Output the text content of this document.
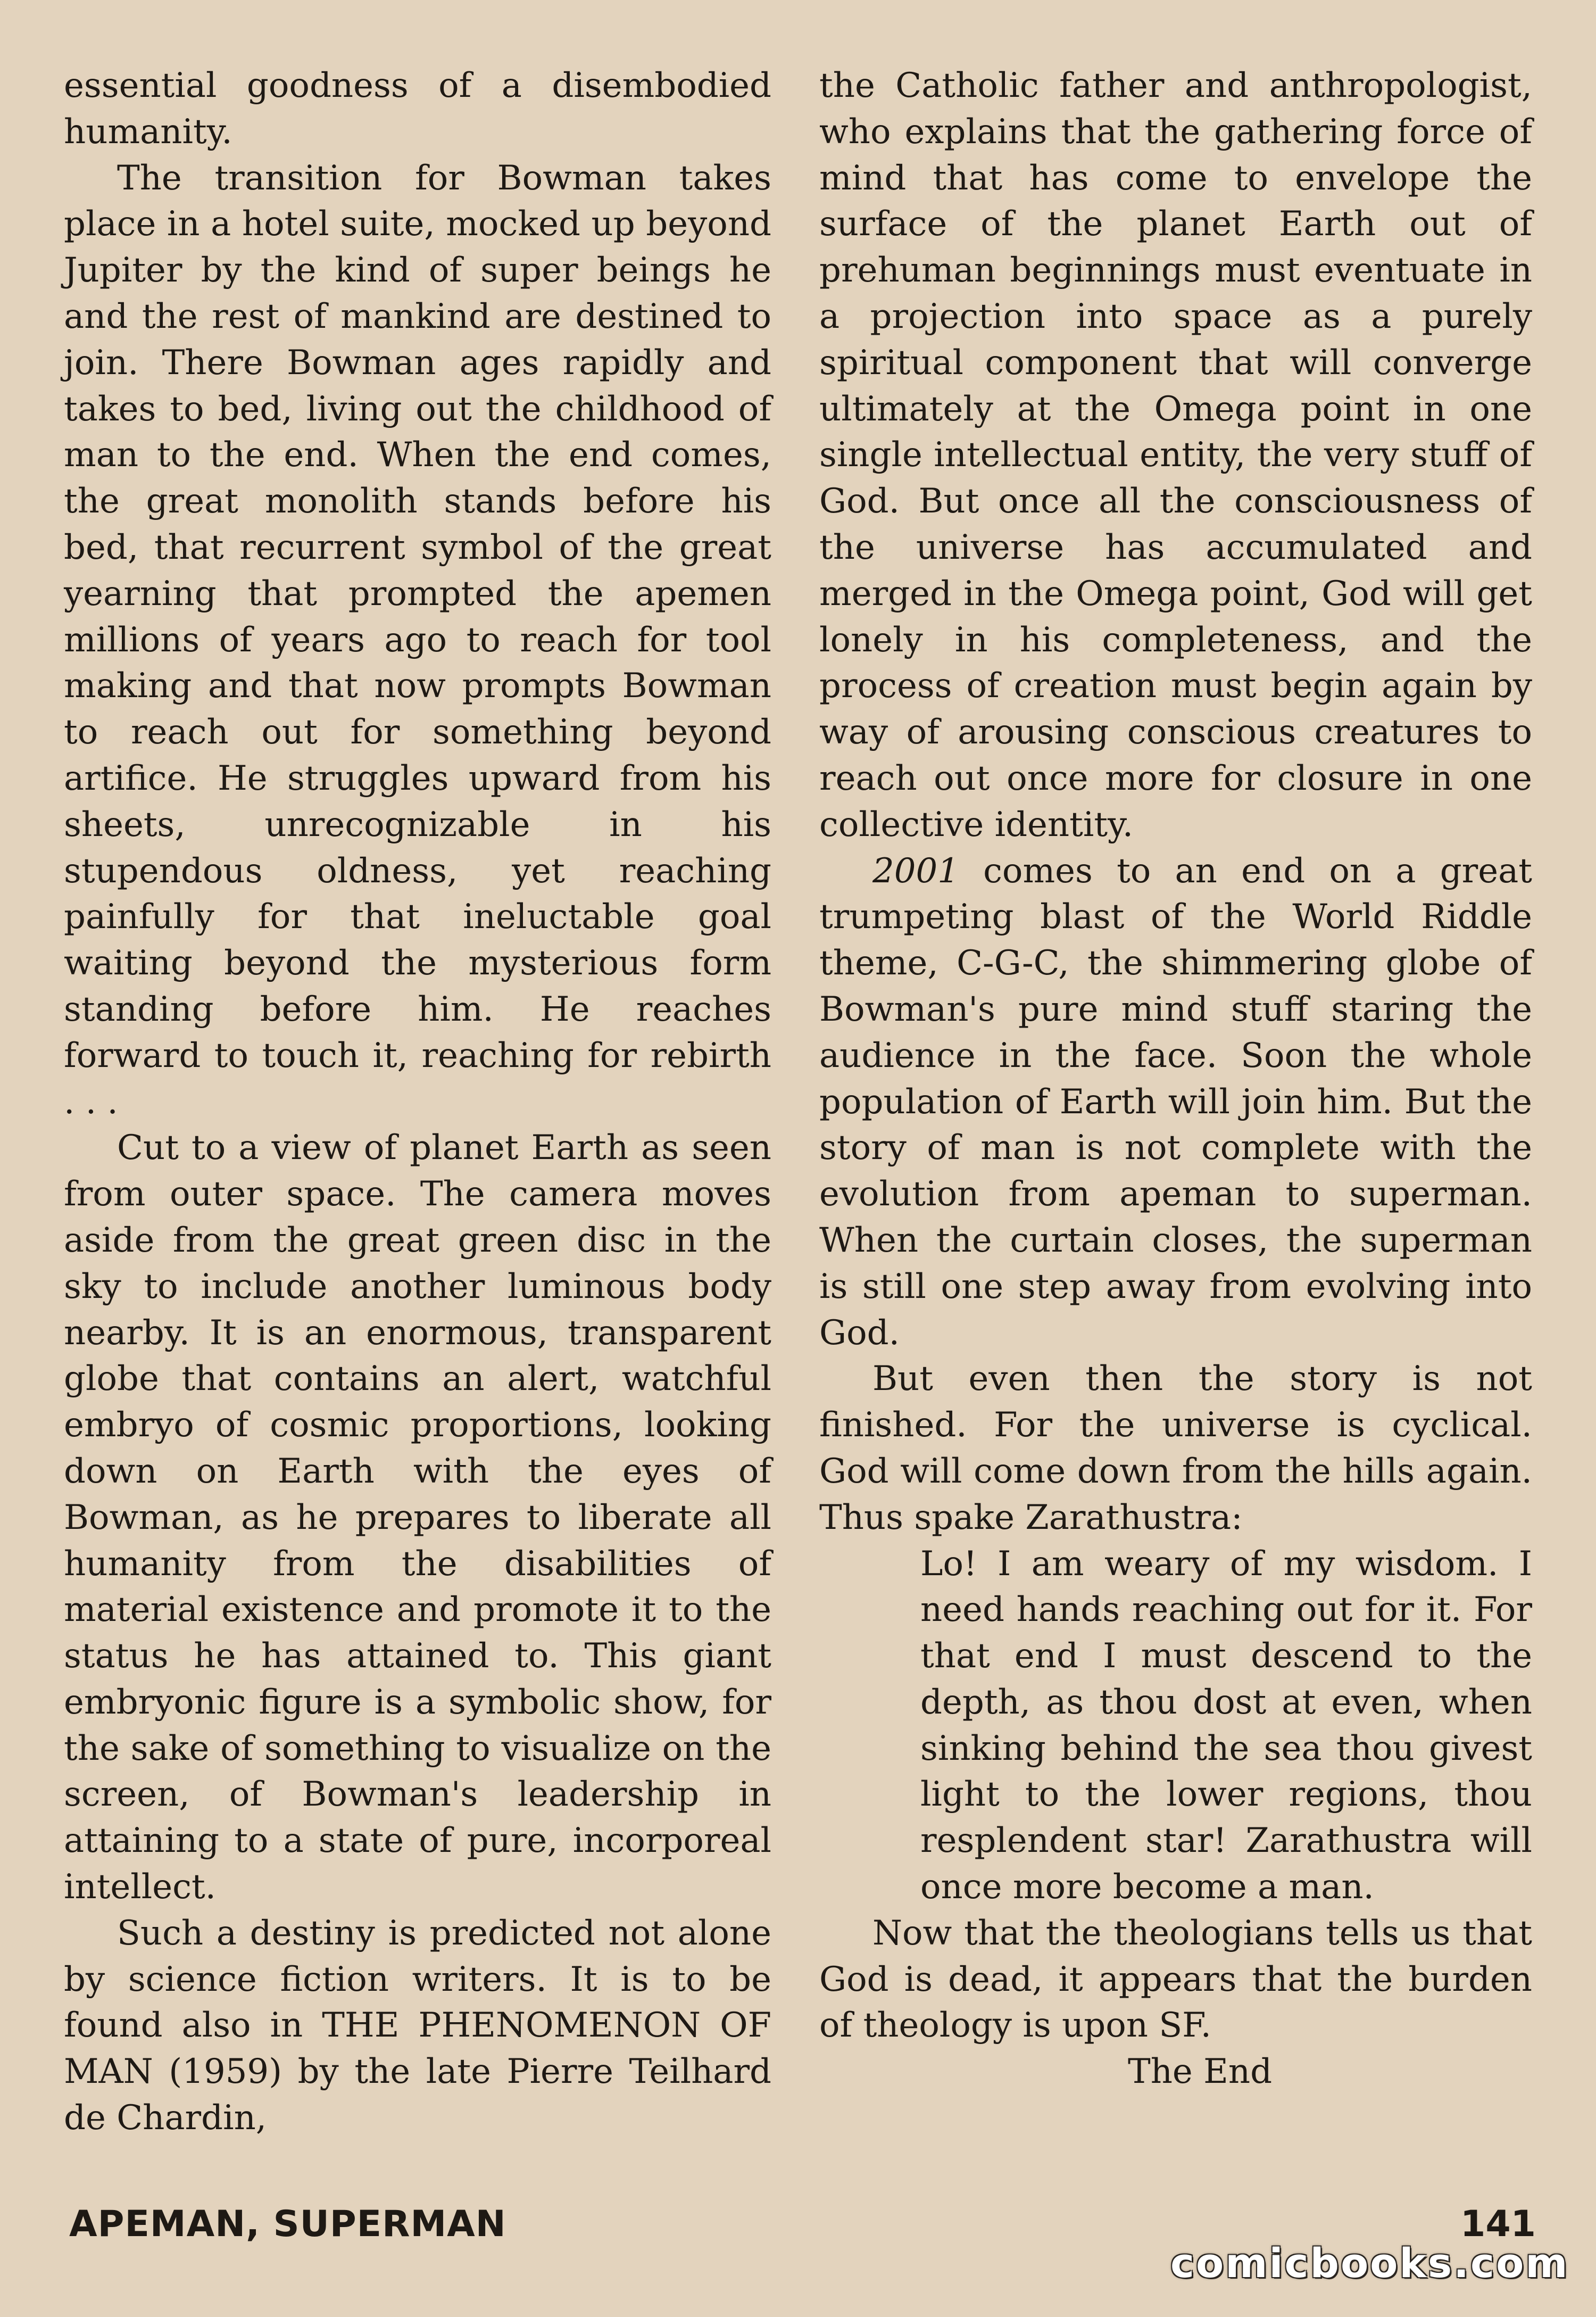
essential goodness of a disembodied humanity.

The transition for Bowman takes place in a hotel suite, mocked up beyond Jupiter by the kind of super beings he and the rest of mankind are destined to join. There Bowman ages rapidly and takes to bed, living out the childhood of man to the end. When the end comes, the great monolith stands before his bed, that recurrent symbol of the great yearning that prompted the apemen millions of years ago to reach for tool making and that now prompts Bowman to reach out for something beyond artifice. He struggles upward from his sheets, unrecognizable in his stupendous oldness, yet reaching painfully for that ineluctable goal waiting beyond the mysterious form standing before him. He reaches forward to touch it, reaching for rebirth . . .

Cut to a view of planet Earth as seen from outer space. The camera moves aside from the great green disc in the sky to include another luminous body nearby. It is an enormous, transparent globe that contains an alert, watchful embryo of cosmic proportions, looking down on Earth with the eyes of Bowman, as he prepares to liberate all humanity from the disabilities of material existence and promote it to the status he has attained to. This giant embryonic figure is a symbolic show, for the sake of something to visualize on the screen, of Bowman's leadership in attaining to a state of pure, incorporeal intellect.

Such a destiny is predicted not alone by science fiction writers. It is to be found also in THE PHENOMENON OF MAN (1959) by the late Pierre Teilhard de Chardin,

the Catholic father and anthropologist, who explains that the gathering force of mind that has come to envelope the surface of the planet Earth out of prehuman beginnings must eventuate in a projection into space as a purely spiritual component that will converge ultimately at the Omega point in one single intellectual entity, the very stuff of God. But once all the consciousness of the universe has accumulated and merged in the Omega point, God will get lonely in his completeness, and the process of creation must begin again by way of arousing conscious creatures to reach out once more for closure in one collective identity.

2001 comes to an end on a great trumpeting blast of the World Riddle theme, C-G-C, the shimmering globe of Bowman's pure mind stuff staring the audience in the face. Soon the whole population of Earth will join him. But the story of man is not complete with the evolution from apeman to superman. When the curtain closes, the superman is still one step away from evolving into God.

But even then the story is not finished. For the universe is cyclical. God will come down from the hills again. Thus spake Zarathustra:

Lo! I am weary of my wisdom. I need hands reaching out for it. For that end I must descend to the depth, as thou dost at even, when sinking behind the sea thou givest light to the lower regions, thou resplendent star! Zarathustra will once more become a man.

Now that the theologians tells us that God is dead, it appears that the burden of theology is upon SF.

The End

APEMAN, SUPERMAN	141
comicbooks.com
